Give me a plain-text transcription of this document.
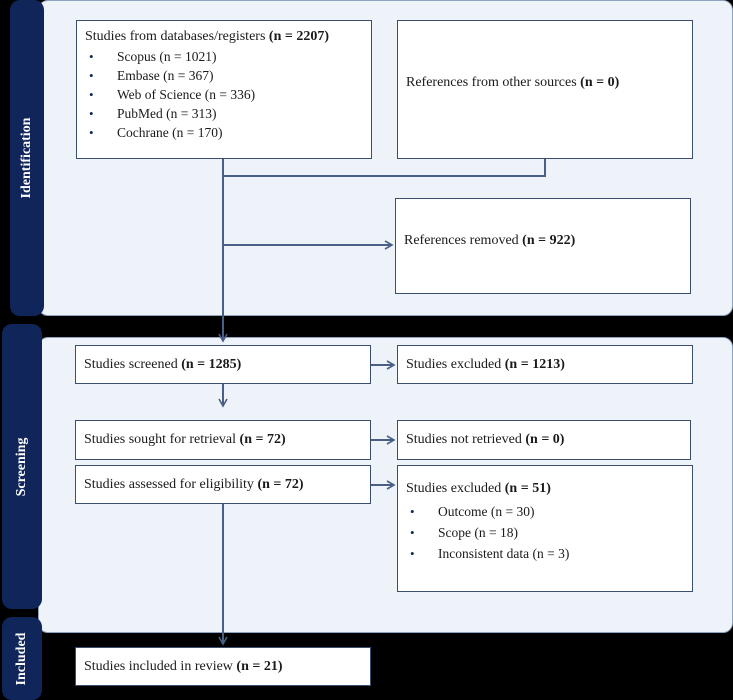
Identification
Screening
Included
Studies from databases/registers (n = 2207)
• Scopus (n = 1021)
• Embase (n = 367)
• Web of Science (n = 336)
• PubMed (n = 313)
• Cochrane (n = 170)
References from other sources (n = 0)
References removed (n = 922)
Studies screened (n = 1285)	Studies excluded (n = 1213)
Studies sought for retrieval (n = 72)	Studies not retrieved (n = 0)
Studies assessed for eligibility (n = 72)	Studies excluded (n = 51)
• Outcome (n = 30)
• Scope (n = 18)
• Inconsistent data (n = 3)
Studies included in review (n = 21)
